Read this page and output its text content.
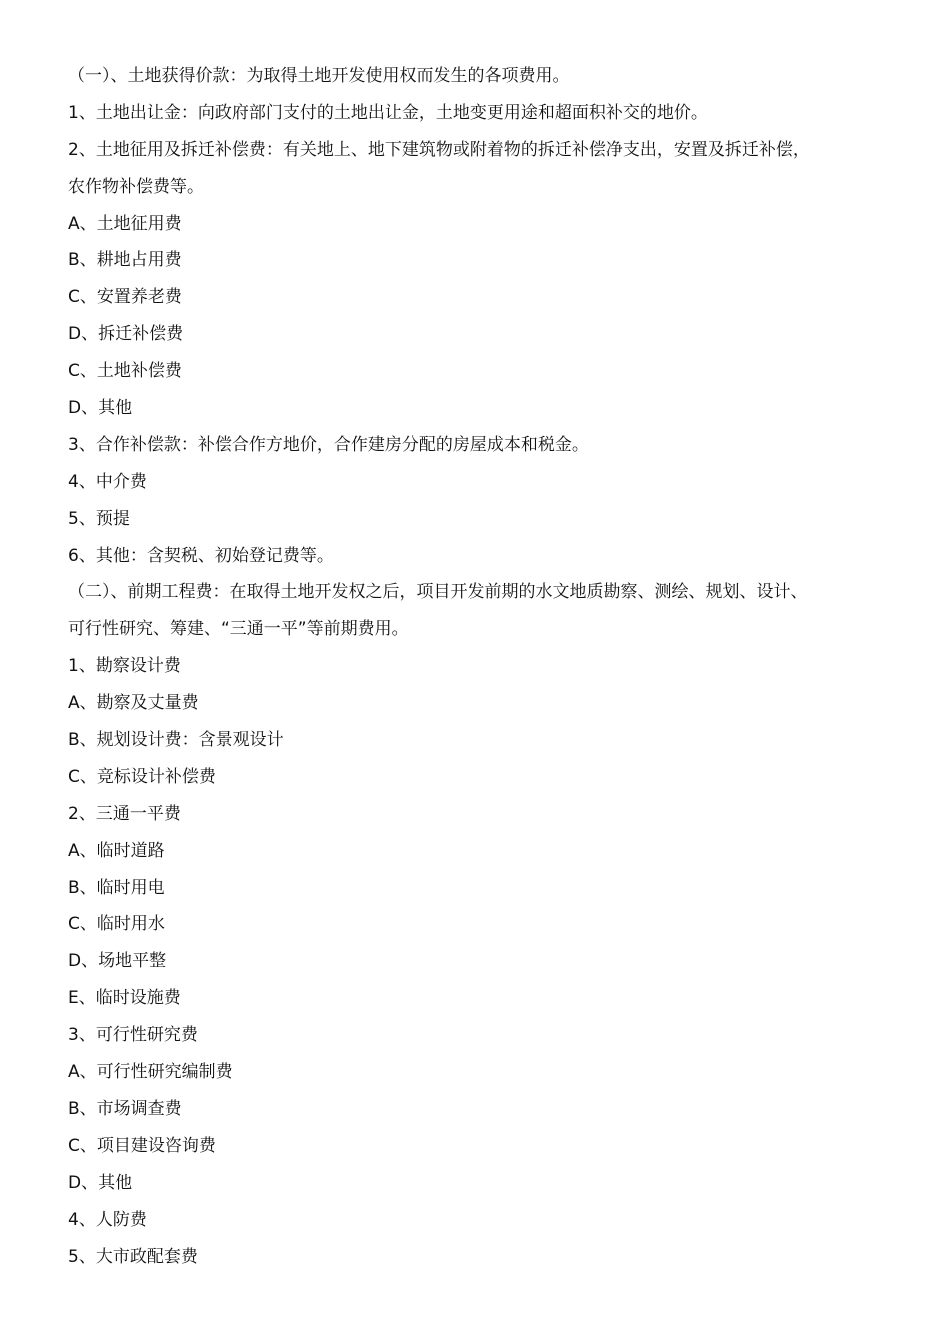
（一）、土地获得价款：为取得土地开发使用权而发生的各项费用。
1、土地出让金：向政府部门支付的土地出让金，土地变更用途和超面积补交的地价。
2、土地征用及拆迁补偿费：有关地上、地下建筑物或附着物的拆迁补偿净支出，安置及拆迁补偿，
农作物补偿费等。
A、土地征用费
B、耕地占用费
C、安置养老费
D、拆迁补偿费
C、土地补偿费
D、其他
3、合作补偿款：补偿合作方地价，合作建房分配的房屋成本和税金。
4、中介费
5、预提
6、其他：含契税、初始登记费等。
（二）、前期工程费：在取得土地开发权之后，项目开发前期的水文地质勘察、测绘、规划、设计、
可行性研究、筹建、“三通一平”等前期费用。
1、勘察设计费
A、勘察及丈量费
B、规划设计费：含景观设计
C、竞标设计补偿费
2、三通一平费
A、临时道路
B、临时用电
C、临时用水
D、场地平整
E、临时设施费
3、可行性研究费
A、可行性研究编制费
B、市场调查费
C、项目建设咨询费
D、其他
4、人防费
5、大市政配套费
